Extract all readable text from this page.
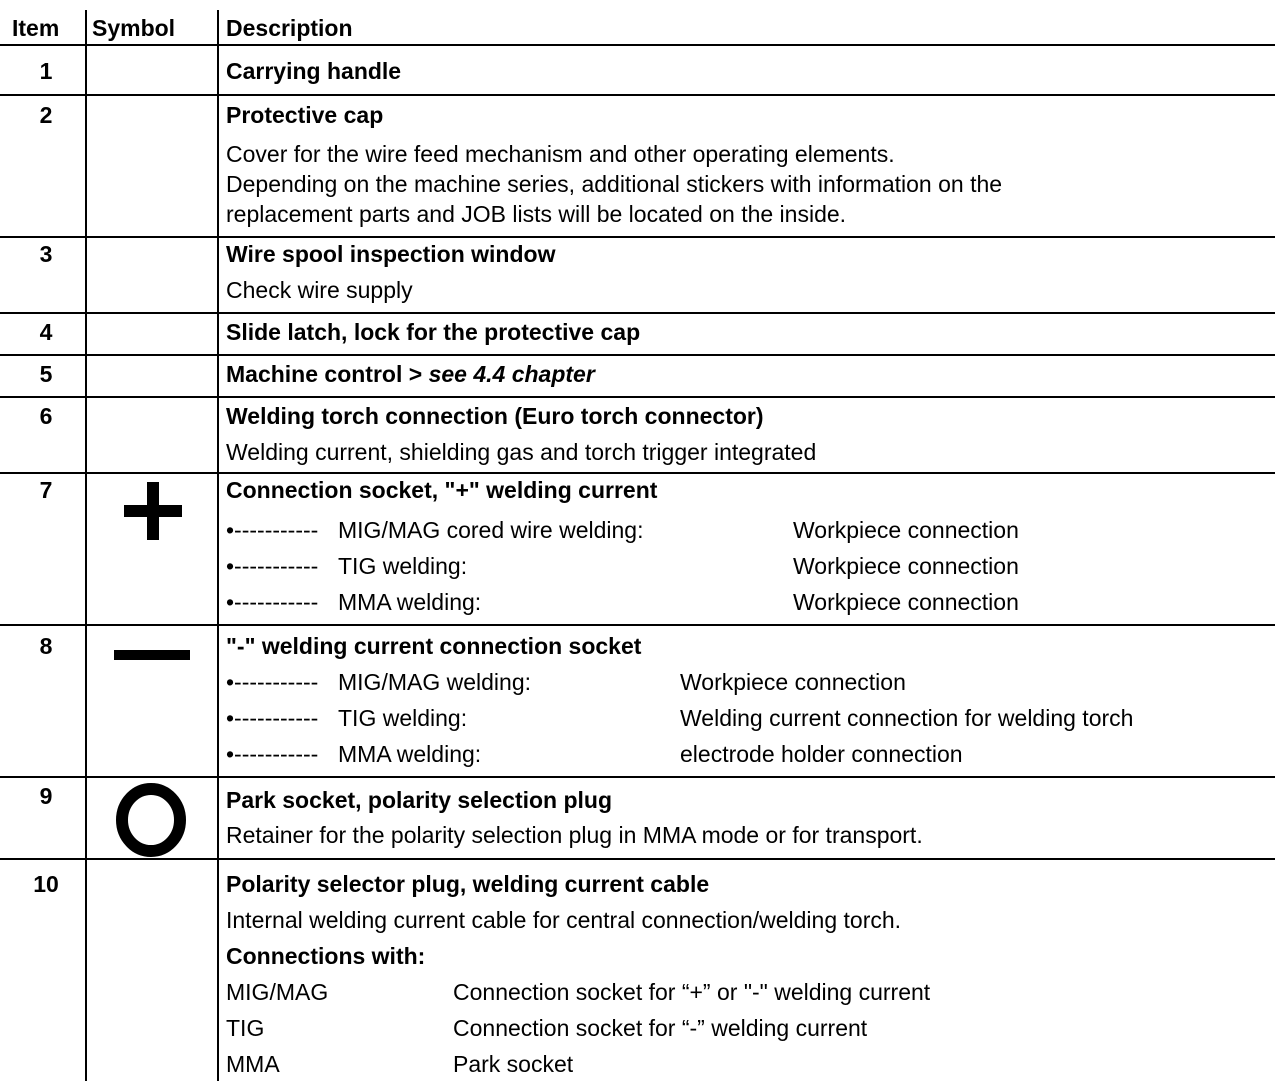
Item Symbol Description
1	Carrying handle
2	Protective cap
Cover for the wire feed mechanism and other operating elements.
Depending on the machine series, additional stickers with information on the
replacement parts and JOB lists will be located on the inside.
3	Wire spool inspection window
Check wire supply
4	Slide latch, lock for the protective cap
5	Machine control > see 4.4 chapter
6	Welding torch connection (Euro torch connector)
Welding current, shielding gas and torch trigger integrated
7	Connection socket, "+" welding current
•----------- MIG/MAG cored wire welding:	Workpiece connection
•----------- TIG welding:	Workpiece connection
•----------- MMA welding:	Workpiece connection
8	"-" welding current connection socket
•----------- MIG/MAG welding:	Workpiece connection
•----------- TIG welding:	Welding current connection for welding torch
•----------- MMA welding:	electrode holder connection
9	Park socket, polarity selection plug
Retainer for the polarity selection plug in MMA mode or for transport.
10	Polarity selector plug, welding current cable
Internal welding current cable for central connection/welding torch.
Connections with:
MIG/MAG	Connection socket for “+” or "-" welding current
TIG	Connection socket for “-” welding current
MMA	Park socket
